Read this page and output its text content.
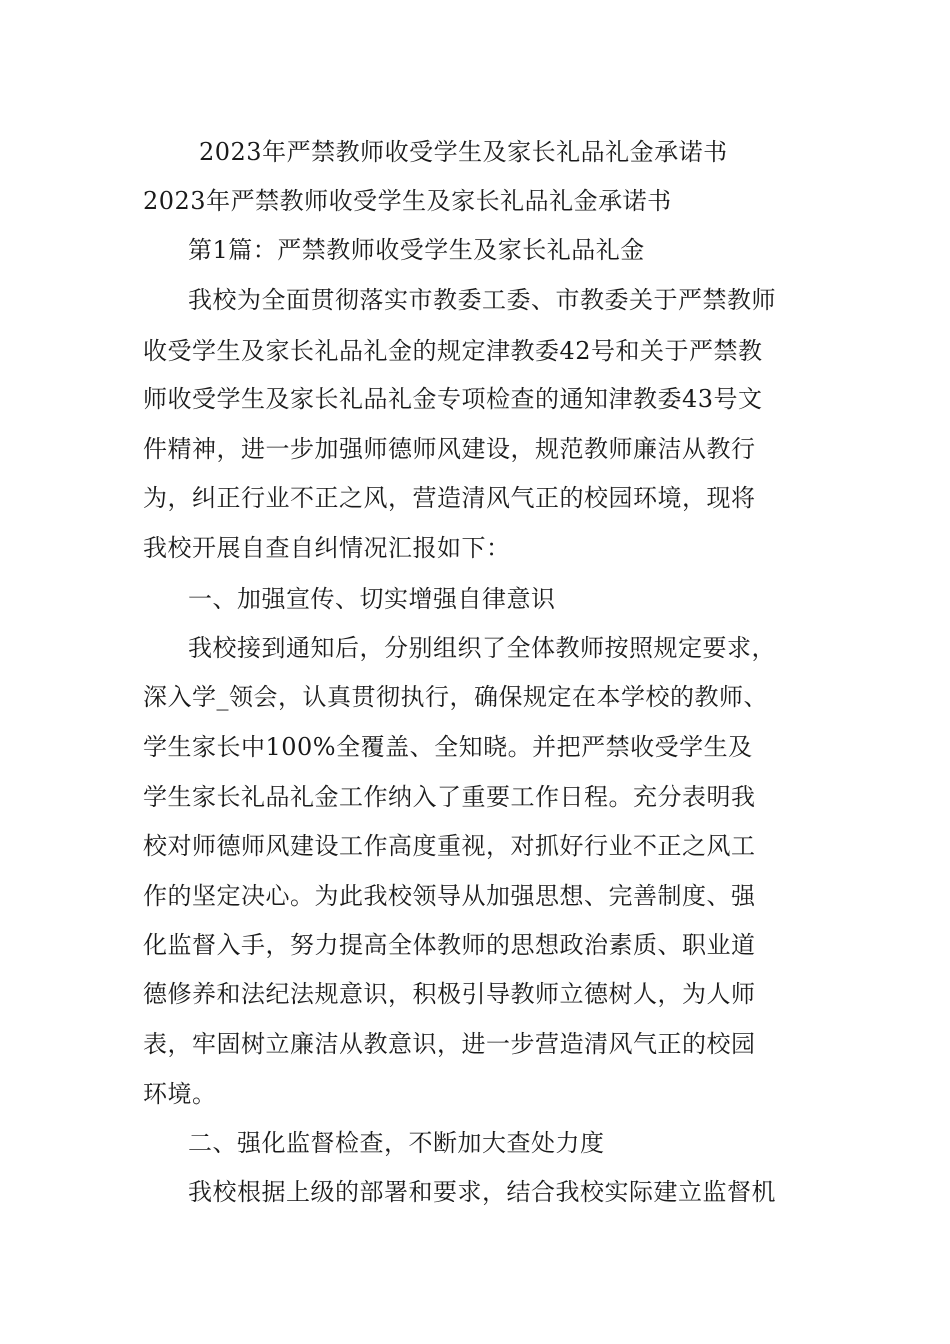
2023年严禁教师收受学生及家长礼品礼金承诺书
2023年严禁教师收受学生及家长礼品礼金承诺书
第1篇：严禁教师收受学生及家长礼品礼金
我校为全面贯彻落实市教委工委、市教委关于严禁教师
收受学生及家长礼品礼金的规定津教委42号和关于严禁教
师收受学生及家长礼品礼金专项检查的通知津教委43号文
件精神，进一步加强师德师风建设，规范教师廉洁从教行
为，纠正行业不正之风，营造清风气正的校园环境，现将
我校开展自查自纠情况汇报如下：
一、加强宣传、切实增强自律意识
我校接到通知后，分别组织了全体教师按照规定要求，
深入学_领会，认真贯彻执行，确保规定在本学校的教师、
学生家长中100%全覆盖、全知晓。并把严禁收受学生及
学生家长礼品礼金工作纳入了重要工作日程。充分表明我
校对师德师风建设工作高度重视，对抓好行业不正之风工
作的坚定决心。为此我校领导从加强思想、完善制度、强
化监督入手，努力提高全体教师的思想政治素质、职业道
德修养和法纪法规意识，积极引导教师立德树人，为人师
表，牢固树立廉洁从教意识，进一步营造清风气正的校园
环境。
二、强化监督检查，不断加大查处力度
我校根据上级的部署和要求，结合我校实际建立监督机
